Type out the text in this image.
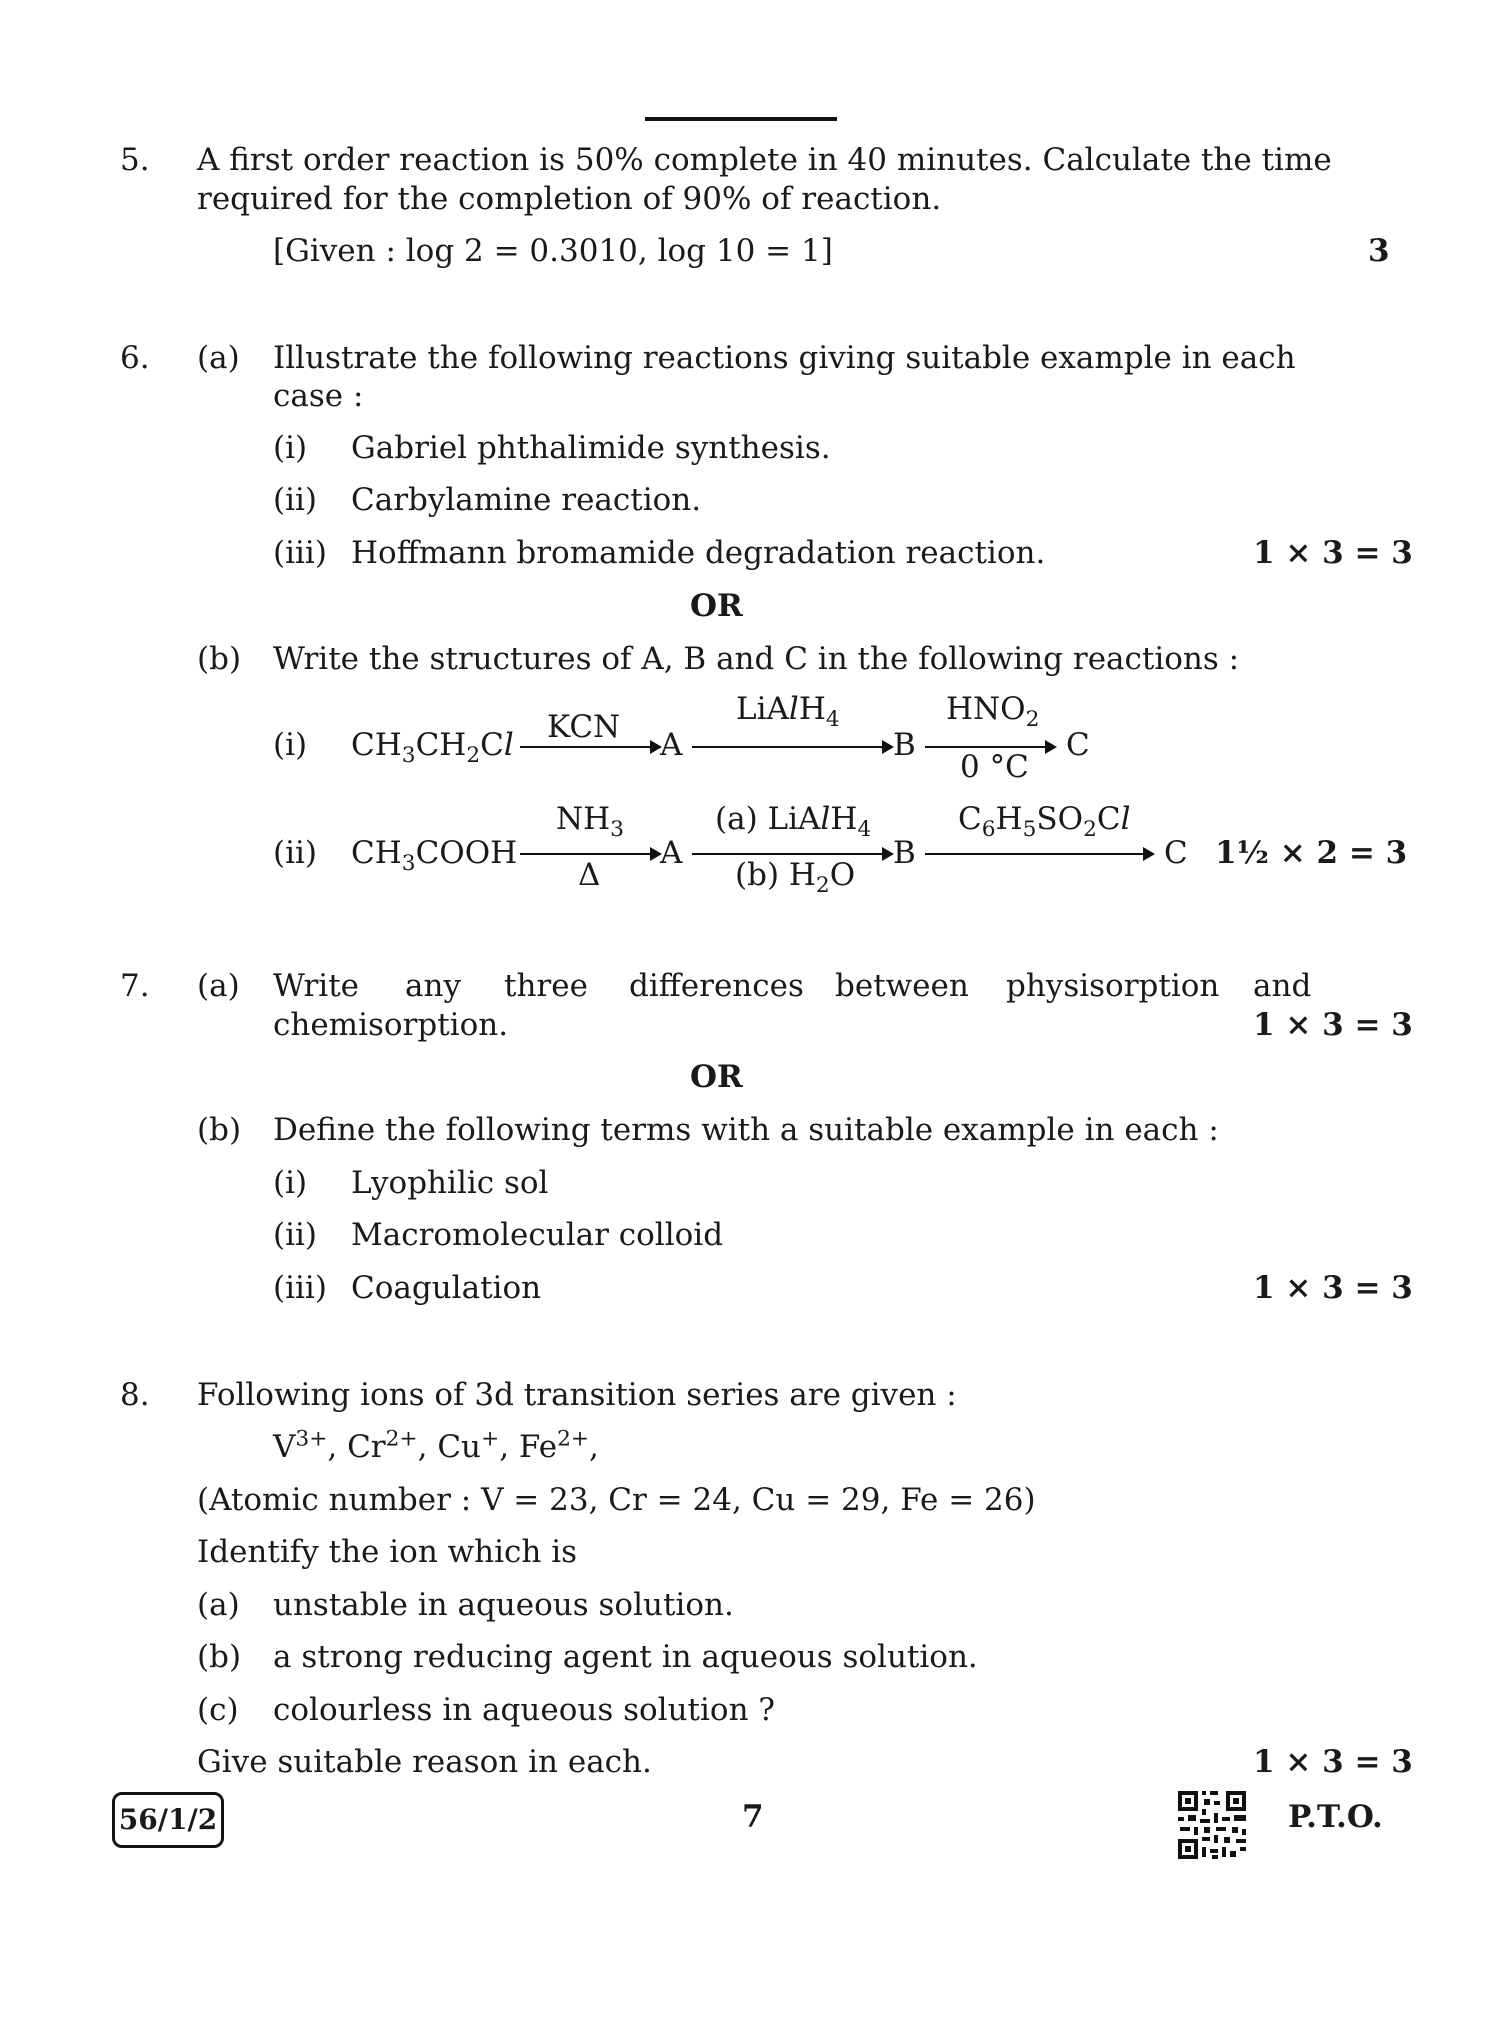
5. A first order reaction is 50% complete in 40 minutes. Calculate the time
required for the completion of 90% of reaction.
[Given : log 2 = 0.3010, log 10 = 1]	3
6. (a) Illustrate the following reactions giving suitable example in each
case :
(i) Gabriel phthalimide synthesis.
(ii) Carbylamine reaction.
(iii) Hoffmann bromamide degradation reaction.	1 × 3 = 3
OR
(b) Write the structures of A, B and C in the following reactions :
(i) $CH_3CH_2Cl$ KCN A
LiAlH$_4$
B
$HNO_2$
0 °C
C
(ii) $CH_3COOH$
$NH_3$
Δ
A
(a) LiAlH$_4$
(b) $H_2O$
B
$C_6H_5SO_2Cl$
C 1½ × 2 = 3
7. (a) Write any three differences between physisorption and
chemisorption.	1 × 3 = 3
OR
(b) Define the following terms with a suitable example in each :
(i) Lyophilic sol
(ii) Macromolecular colloid
(iii) Coagulation	1 × 3 = 3
8. Following ions of 3d transition series are given :
$V^{3+}$, $Cr^{2+}$, Cu+, $Fe^{2+}$,
(Atomic number : V = 23, Cr = 24, Cu = 29, Fe = 26)
Identify the ion which is
(a) unstable in aqueous solution.
(b) a strong reducing agent in aqueous solution.
(c) colourless in aqueous solution ?
Give suitable reason in each.	1 × 3 = 3
56/1/2	7	P.T.O.
